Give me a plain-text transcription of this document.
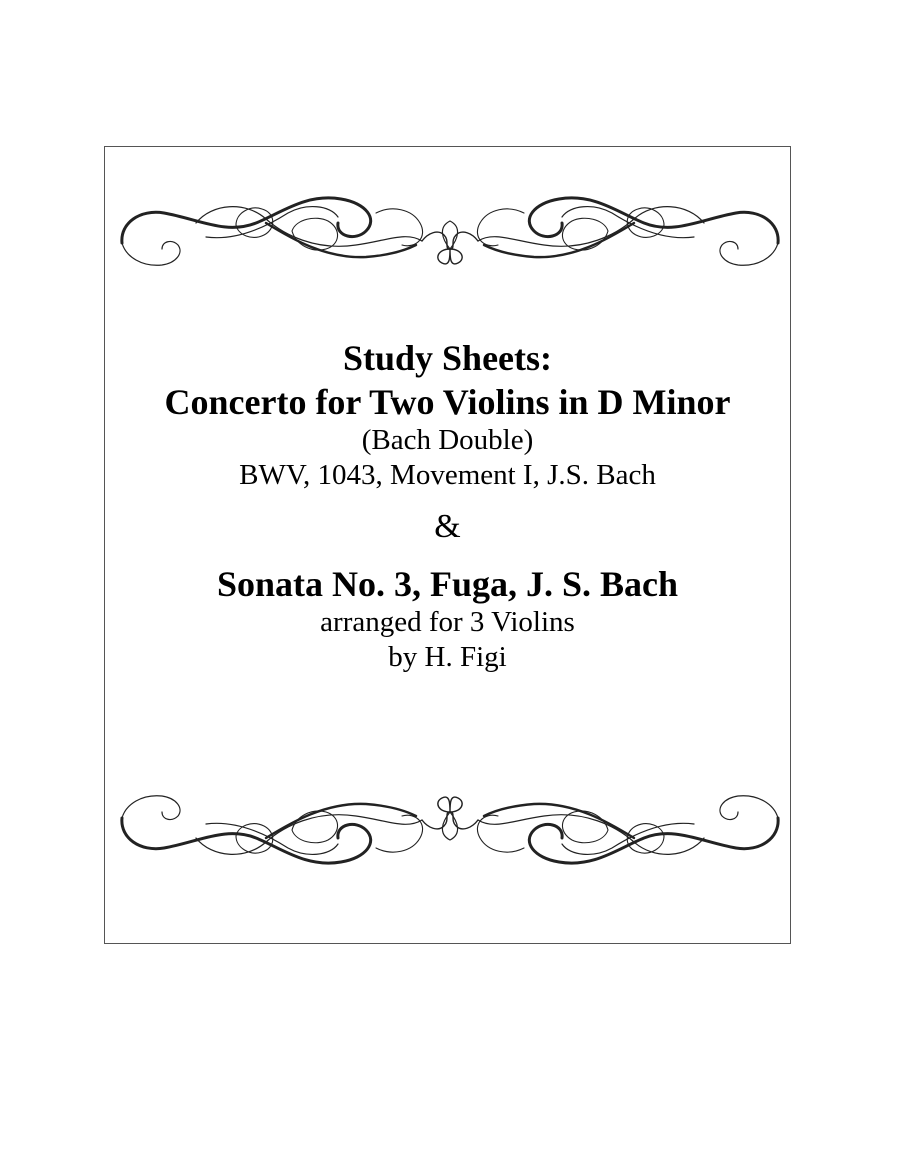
Study Sheets:
Concerto for Two Violins in D Minor
(Bach Double)
BWV, 1043, Movement I, J.S. Bach
&
Sonata No. 3, Fuga, J. S. Bach
arranged for 3 Violins
by H. Figi
